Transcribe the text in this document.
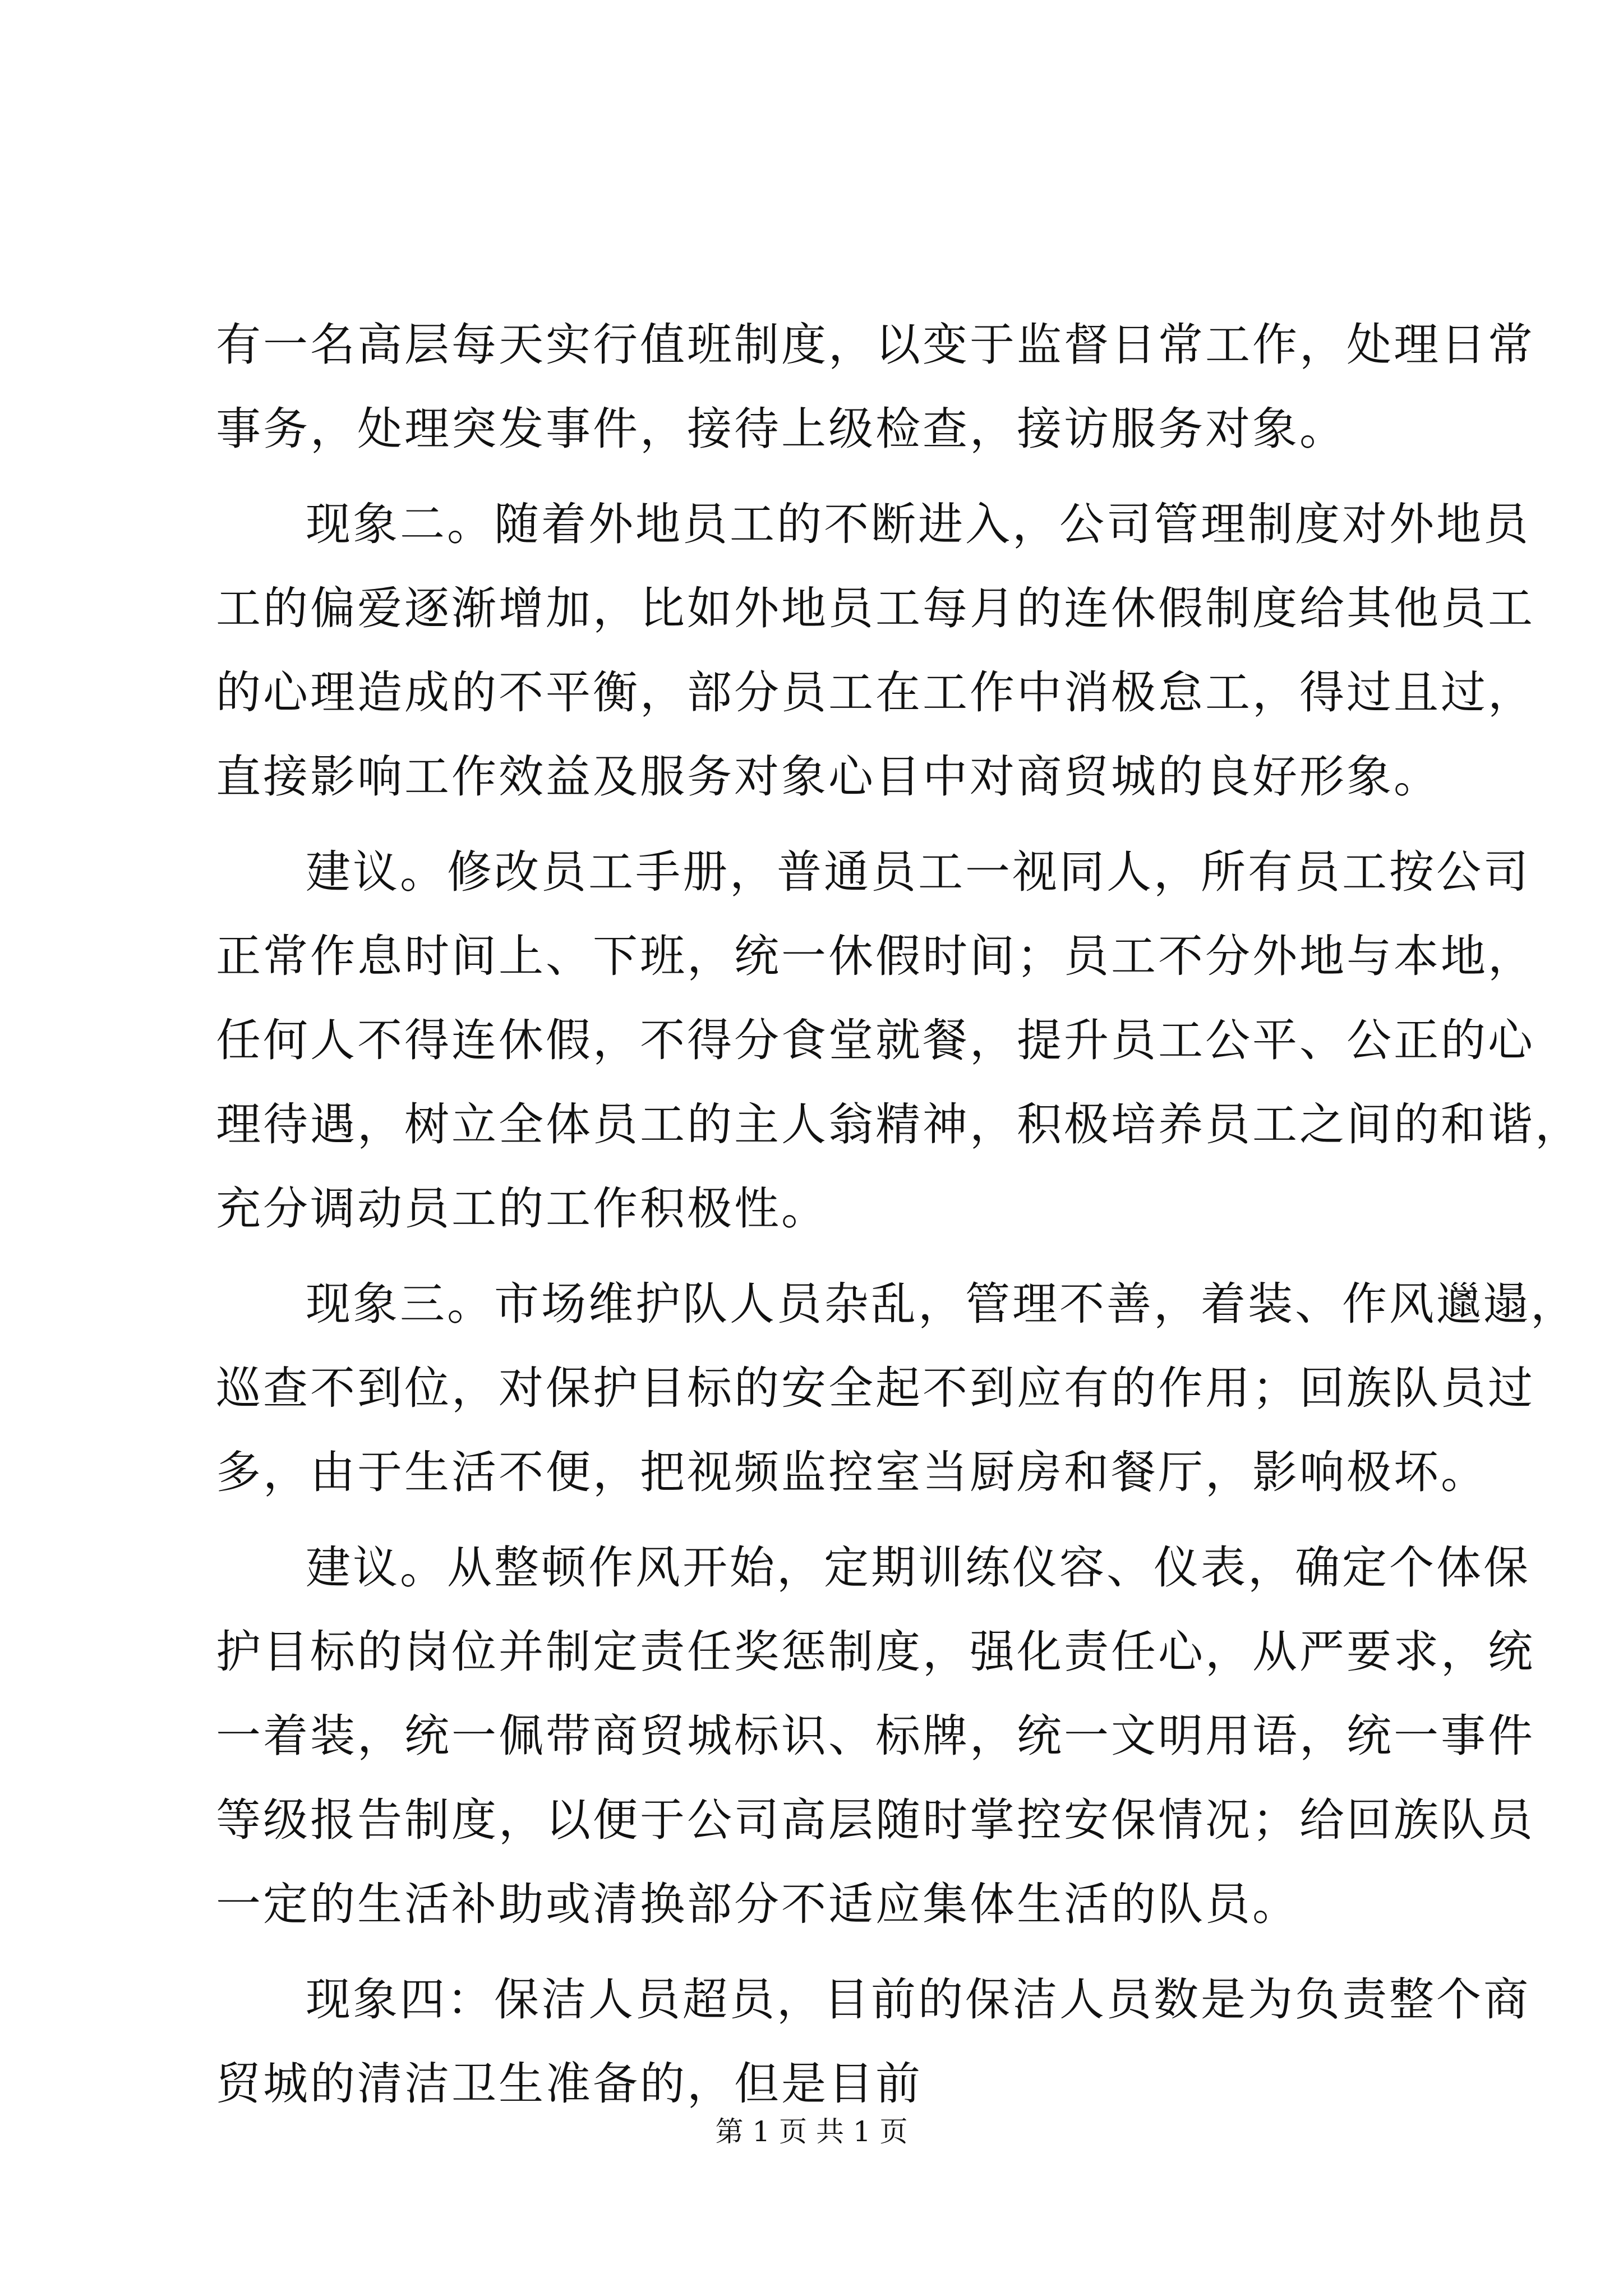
有一名高层每天实行值班制度，以变于监督日常工作，处理日常
事务，处理突发事件，接待上级检查，接访服务对象。
现象二。随着外地员工的不断进入，公司管理制度对外地员
工的偏爱逐渐增加，比如外地员工每月的连休假制度给其他员工
的心理造成的不平衡，部分员工在工作中消极怠工，得过且过，
直接影响工作效益及服务对象心目中对商贸城的良好形象。
建议。修改员工手册，普通员工一视同人，所有员工按公司
正常作息时间上、下班，统一休假时间；员工不分外地与本地，
任何人不得连休假，不得分食堂就餐，提升员工公平、公正的心
理待遇，树立全体员工的主人翁精神，积极培养员工之间的和谐，
充分调动员工的工作积极性。
现象三。市场维护队人员杂乱，管理不善，着装、作风邋遢，
巡查不到位，对保护目标的安全起不到应有的作用；回族队员过
多，由于生活不便，把视频监控室当厨房和餐厅，影响极坏。
建议。从整顿作风开始，定期训练仪容、仪表，确定个体保
护目标的岗位并制定责任奖惩制度，强化责任心，从严要求，统
一着装，统一佩带商贸城标识、标牌，统一文明用语，统一事件
等级报告制度，以便于公司高层随时掌控安保情况；给回族队员
一定的生活补助或清换部分不适应集体生活的队员。
现象四：保洁人员超员，目前的保洁人员数是为负责整个商
贸城的清洁卫生准备的，但是目前
第 1 页 共 1 页
